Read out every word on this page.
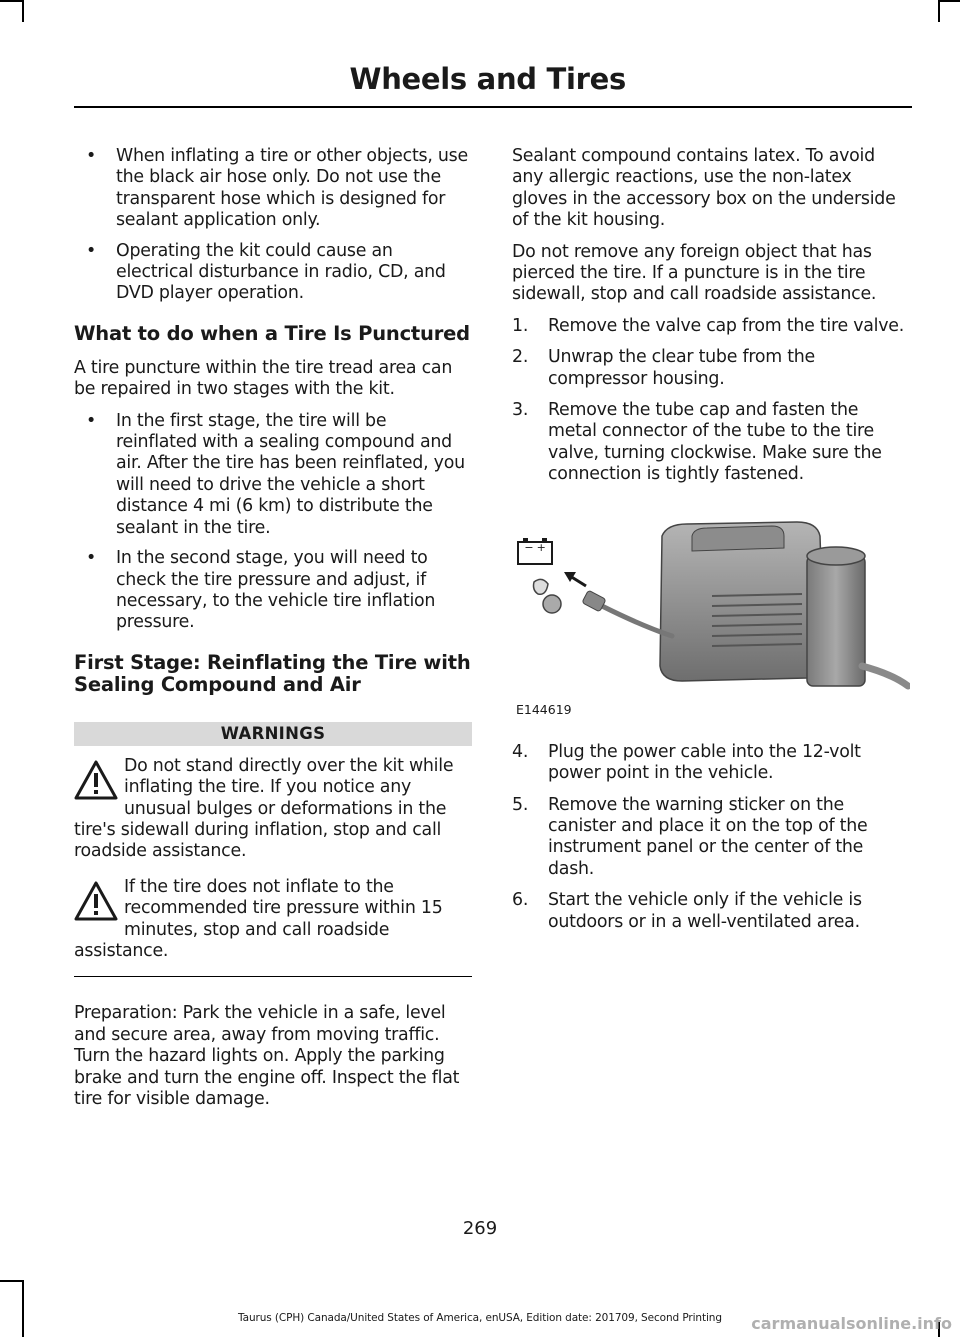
Wheels and Tires
• When inflating a tire or other objects, use the black air hose only. Do not use the transparent hose which is designed for sealant application only.
• Operating the kit could cause an electrical disturbance in radio, CD, and DVD player operation.
What to do when a Tire Is Punctured

A tire puncture within the tire tread area can be repaired in two stages with the kit.

• In the first stage, the tire will be reinflated with a sealing compound and air. After the tire has been reinflated, you will need to drive the vehicle a short distance 4 mi (6 km) to distribute the sealant in the tire.
• In the second stage, you will need to check the tire pressure and adjust, if necessary, to the vehicle tire inflation pressure.
First Stage: Reinflating the Tire with Sealing Compound and Air
WARNINGS
Do not stand directly over the kit while inflating the tire. If you notice any unusual bulges or deformations in the tire's sidewall during inflation, stop and call roadside assistance.
If the tire does not inflate to the recommended tire pressure within 15 minutes, stop and call roadside assistance.

Preparation: Park the vehicle in a safe, level and secure area, away from moving traffic. Turn the hazard lights on. Apply the parking brake and turn the engine off. Inspect the flat tire for visible damage.

Sealant compound contains latex. To avoid any allergic reactions, use the non-latex gloves in the accessory box on the underside of the kit housing.

Do not remove any foreign object that has pierced the tire. If a puncture is in the tire sidewall, stop and call roadside assistance.

1. Remove the valve cap from the tire valve.
2. Unwrap the clear tube from the compressor housing.
3. Remove the tube cap and fasten the metal connector of the tube to the tire valve, turning clockwise. Make sure the connection is tightly fastened.
− +
E144619
4. Plug the power cable into the 12-volt power point in the vehicle.
5. Remove the warning sticker on the canister and place it on the top of the instrument panel or the center of the dash.
6. Start the vehicle only if the vehicle is outdoors or in a well-ventilated area.
269
Taurus (CPH) Canada/United States of America, enUSA, Edition date: 201709, Second Printing	carmanualsonline.info
